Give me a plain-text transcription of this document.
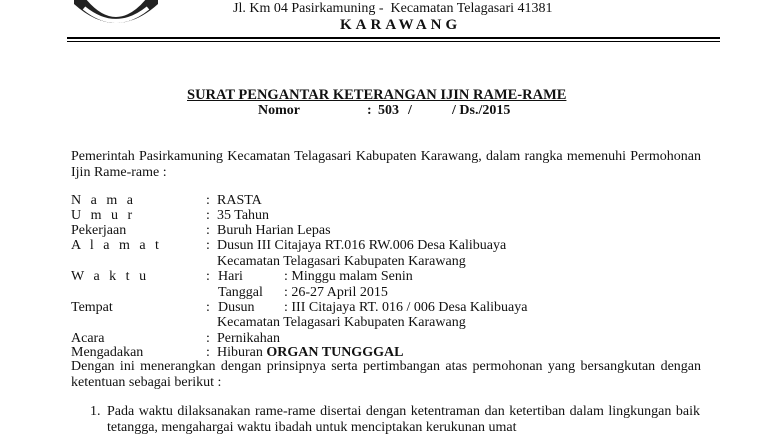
PANGKAL PERJUANGAN
Jl. Km 04 Pasirkamuning -  Kecamatan Telagasari 41381
KARAWANG
SURAT PENGANTAR KETERANGAN IJIN RAME-RAME
Nomor	: 503 /	/ Ds./2015
Pemerintah Pasirkamuning Kecamatan Telagasari Kabupaten Karawang, dalam rangka memenuhi Permohonan Ijin Rame-rame :
N a m a	: RASTA
U m u r	: 35 Tahun
Pekerjaan	: Buruh Harian Lepas
A l a m a t	: Dusun III Citajaya RT.016 RW.006 Desa Kalibuaya
Kecamatan Telagasari Kabupaten Karawang
W a k t u	: Hari	: Minggu malam Senin
Tanggal : 26-27 April 2015
Tempat	: Dusun : III Citajaya RT. 016 / 006 Desa Kalibuaya
Kecamatan Telagasari Kabupaten Karawang
Acara	: Pernikahan
Mengadakan	: Hiburan ORGAN TUNGGGAL
Dengan ini menerangkan dengan prinsipnya serta pertimbangan atas permohonan yang bersangkutan dengan ketentuan sebagai berikut :
1. Pada waktu dilaksanakan rame-rame disertai dengan ketentraman dan ketertiban dalam lingkungan baik tetangga, mengahargai waktu ibadah untuk menciptakan kerukunan umat
